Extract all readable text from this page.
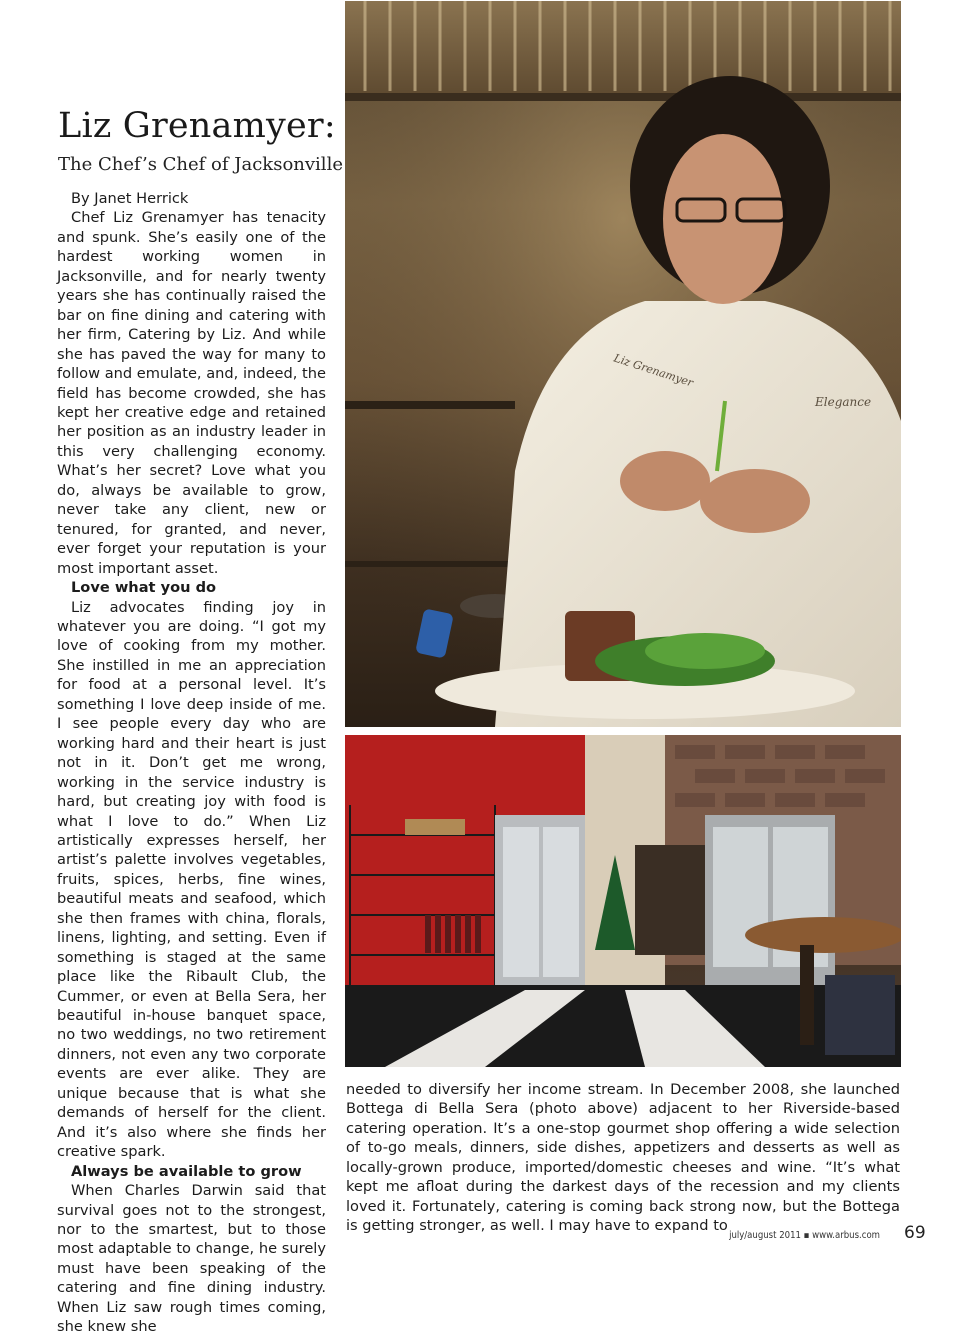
Liz Grenamyer:
The Chef’s Chef of Jacksonville

By Janet Herrick

Chef Liz Grenamyer has tenacity and spunk. She’s easily one of the hardest working women in Jacksonville, and for nearly twenty years she has continually raised the bar on fine dining and catering with her firm, Catering by Liz. And while she has paved the way for many to follow and emulate, and, indeed, the field has become crowded, she has kept her creative edge and retained her position as an industry leader in this very challenging economy. What’s her secret? Love what you do, always be available to grow, never take any client, new or tenured, for granted, and never, ever forget your reputation is your most important asset.

Love what you do

Liz advocates finding joy in whatever you are doing. “I got my love of cooking from my mother. She instilled in me an appreciation for food at a personal level. It’s something I love deep inside of me. I see people every day who are working hard and their heart is just not in it. Don’t get me wrong, working in the service industry is hard, but creating joy with food is what I love to do.” When Liz artistically expresses herself, her artist’s palette involves vegetables, fruits, spices, herbs, fine wines, beautiful meats and seafood, which she then frames with china, florals, linens, lighting, and setting. Even if something is staged at the same place like the Ribault Club, the Cummer, or even at Bella Sera, her beautiful in-house banquet space, no two weddings, no two retirement dinners, not even any two corporate events are ever alike. They are unique because that is what she demands of herself for the client. And it’s also where she finds her creative spark.

Always be available to grow

When Charles Darwin said that survival goes not to the strongest, nor to the smartest, but to those most adaptable to change, he surely must have been speaking of the catering and fine dining industry. When Liz saw rough times coming, she knew she

Liz Grenamyer
Elegance

needed to diversify her income stream. In December 2008, she launched Bottega di Bella Sera (photo above) adjacent to her Riverside-based catering operation. It’s a one-stop gourmet shop offering a wide selection of to-go meals, dinners, side dishes, appetizers and desserts as well as locally-grown produce, imported/domestic cheeses and wine. “It’s what kept me afloat during the darkest days of the recession and my clients loved it. Fortunately, catering is coming back strong now, but the Bottega is getting stronger, as well. I may have to expand to

july/august 2011 ▪ www.arbus.com 69
